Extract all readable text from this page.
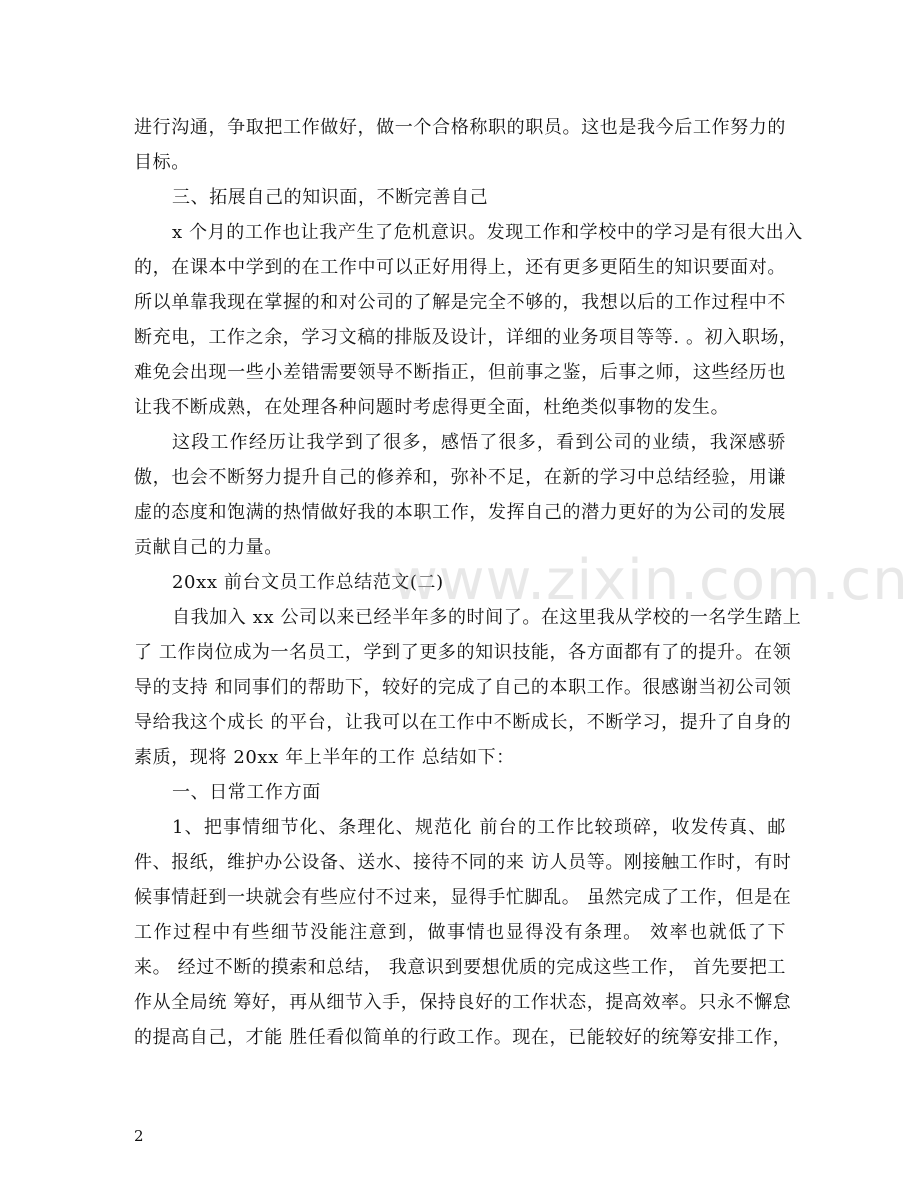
进行沟通，争取把工作做好，做一个合格称职的职员。这也是我今后工作努力的
目标。
三、拓展自己的知识面，不断完善自己
x 个月的工作也让我产生了危机意识。发现工作和学校中的学习是有很大出入
的，在课本中学到的在工作中可以正好用得上，还有更多更陌生的知识要面对。
所以单靠我现在掌握的和对公司的了解是完全不够的，我想以后的工作过程中不
断充电，工作之余，学习文稿的排版及设计，详细的业务项目等等. 。初入职场，
难免会出现一些小差错需要领导不断指正，但前事之鉴，后事之师，这些经历也
让我不断成熟，在处理各种问题时考虑得更全面，杜绝类似事物的发生。
这段工作经历让我学到了很多，感悟了很多，看到公司的业绩，我深感骄
傲，也会不断努力提升自己的修养和，弥补不足，在新的学习中总结经验，用谦
虚的态度和饱满的热情做好我的本职工作，发挥自己的潜力更好的为公司的发展
贡献自己的力量。
20xx 前台文员工作总结范文(二)
自我加入 xx 公司以来已经半年多的时间了。在这里我从学校的一名学生踏上
了 工作岗位成为一名员工，学到了更多的知识技能，各方面都有了的提升。在领
导的支持 和同事们的帮助下，较好的完成了自己的本职工作。很感谢当初公司领
导给我这个成长 的平台，让我可以在工作中不断成长，不断学习，提升了自身的
素质，现将 20xx 年上半年的工作 总结如下：
一、日常工作方面
1、把事情细节化、条理化、规范化 前台的工作比较琐碎，收发传真、邮
件、报纸，维护办公设备、送水、接待不同的来 访人员等。刚接触工作时，有时
候事情赶到一块就会有些应付不过来，显得手忙脚乱。 虽然完成了工作，但是在
工作过程中有些细节没能注意到，做事情也显得没有条理。 效率也就低了下
来。 经过不断的摸索和总结， 我意识到要想优质的完成这些工作， 首先要把工
作从全局统 筹好，再从细节入手，保持良好的工作状态，提高效率。只永不懈怠
的提高自己，才能 胜任看似简单的行政工作。现在，已能较好的统筹安排工作，
www.zixin.com.cn
2
